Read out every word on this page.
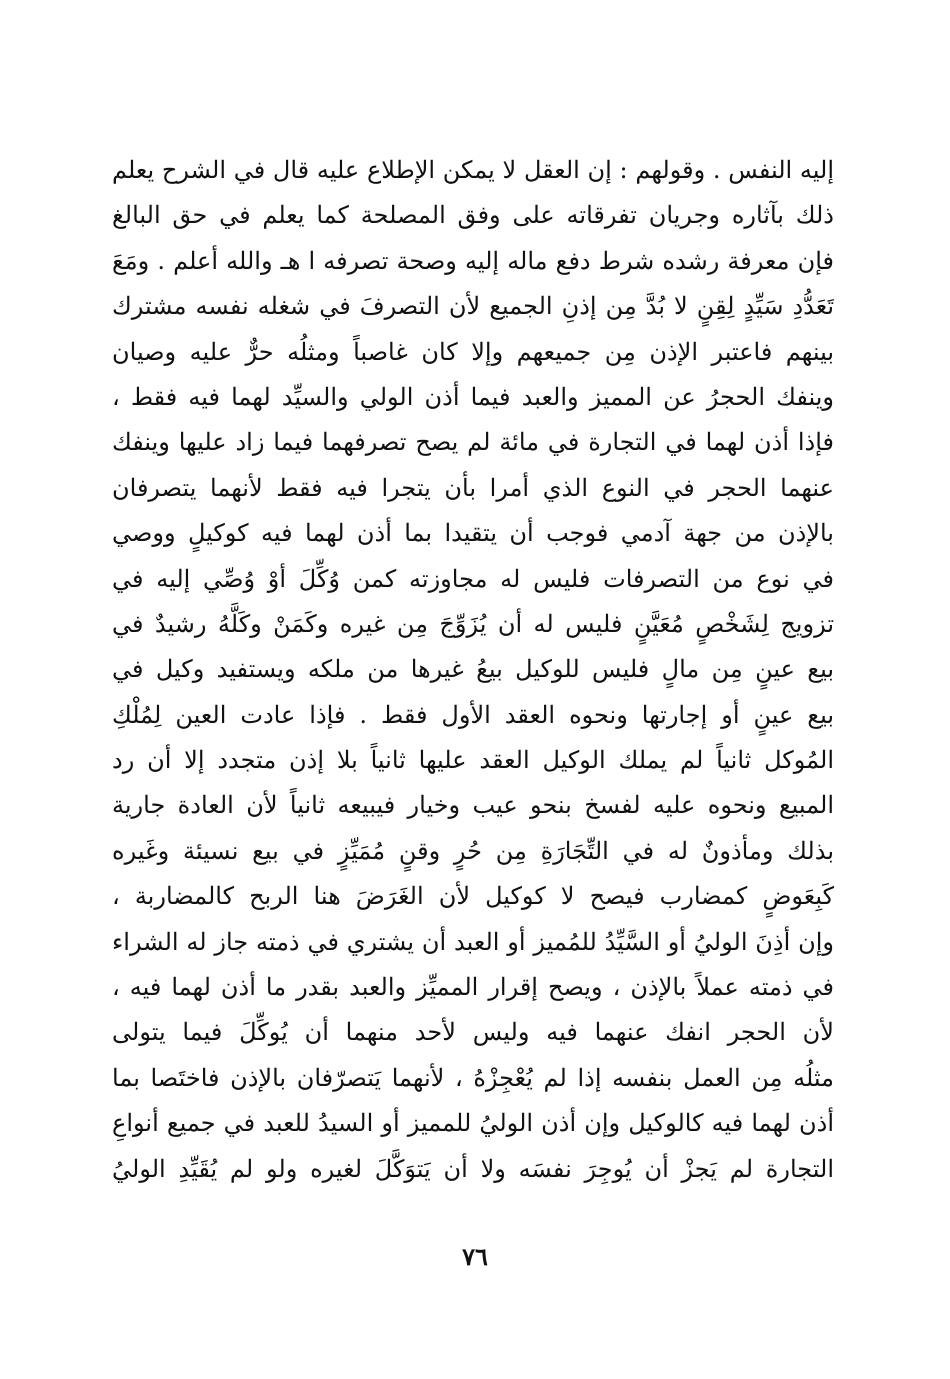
إليه النفس . وقولهم : إن العقل لا يمكن الإطلاع عليه قال في الشرح يعلم
ذلك بآثاره وجريان تفرقاته على وفق المصلحة كما يعلم في حق البالغ
فإن معرفة رشده شرط دفع ماله إليه وصحة تصرفه ا هـ والله أعلم . ومَعَ
تَعَدُّدِ سَيِّدٍ لِقِنٍ لا بُدَّ مِن إذنِ الجميع لأن التصرفَ في شغله نفسه مشترك
بينهم فاعتبر الإذن مِن جميعهم وإلا كان غاصباً ومثلُه حرٌّ عليه وصيان
وينفك الحجرُ عن المميز والعبد فيما أذن الولي والسيِّد لهما فيه فقط ،
فإذا أذن لهما في التجارة في مائة لم يصح تصرفهما فيما زاد عليها وينفك
عنهما الحجر في النوع الذي أمرا بأن يتجرا فيه فقط لأنهما يتصرفان
بالإذن من جهة آدمي فوجب أن يتقيدا بما أذن لهما فيه كوكيلٍ ووصي
في نوع من التصرفات فليس له مجاوزته كمن وُكِّلَ أوْ وُصِّي إليه في
تزويج لِشَخْصٍ مُعَيَّنٍ فليس له أن يُزَوِّجَ مِن غيره وكَمَنْ وكَلَّهُ رشيدٌ في
بيع عينٍ مِن مالٍ فليس للوكيل بيعُ غيرها من ملكه ويستفيد وكيل في
بيع عينٍ أو إجارتها ونحوه العقد الأول فقط . فإذا عادت العين لِمُلْكِ
المُوكل ثانياً لم يملك الوكيل العقد عليها ثانياً بلا إذن متجدد إلا أن رد
المبيع ونحوه عليه لفسخ بنحو عيب وخيار فيبيعه ثانياً لأن العادة جارية
بذلك ومأذونٌ له في التِّجَارَةِ مِن حُرٍ وقنٍ مُمَيِّزٍ في بيع نسيئة وغَيره
كَبِعَوضٍ كمضارب فيصح لا كوكيل لأن الغَرَضَ هنا الربح كالمضاربة ،
وإن أذِنَ الوليُ أو السَّيِّدُ للمُميز أو العبد أن يشتري في ذمته جاز له الشراء
في ذمته عملاً بالإذن ، ويصح إقرار المميِّز والعبد بقدر ما أذن لهما فيه ،
لأن الحجر انفك عنهما فيه وليس لأحد منهما أن يُوكِّلَ فيما يتولى
مثلُه مِن العمل بنفسه إذا لم يُعْجِزْهُ ، لأنهما يَتصرّفان بالإذن فاختَصا بما
أذن لهما فيه كالوكيل وإن أذن الوليُ للمميز أو السيدُ للعبد في جميع أنواعِ
التجارة لم يَجزْ أن يُوجِرَ نفسَه ولا أن يَتوَكَّلَ لغيره ولو لم يُقَيِّدِ الوليُ
٧٦
